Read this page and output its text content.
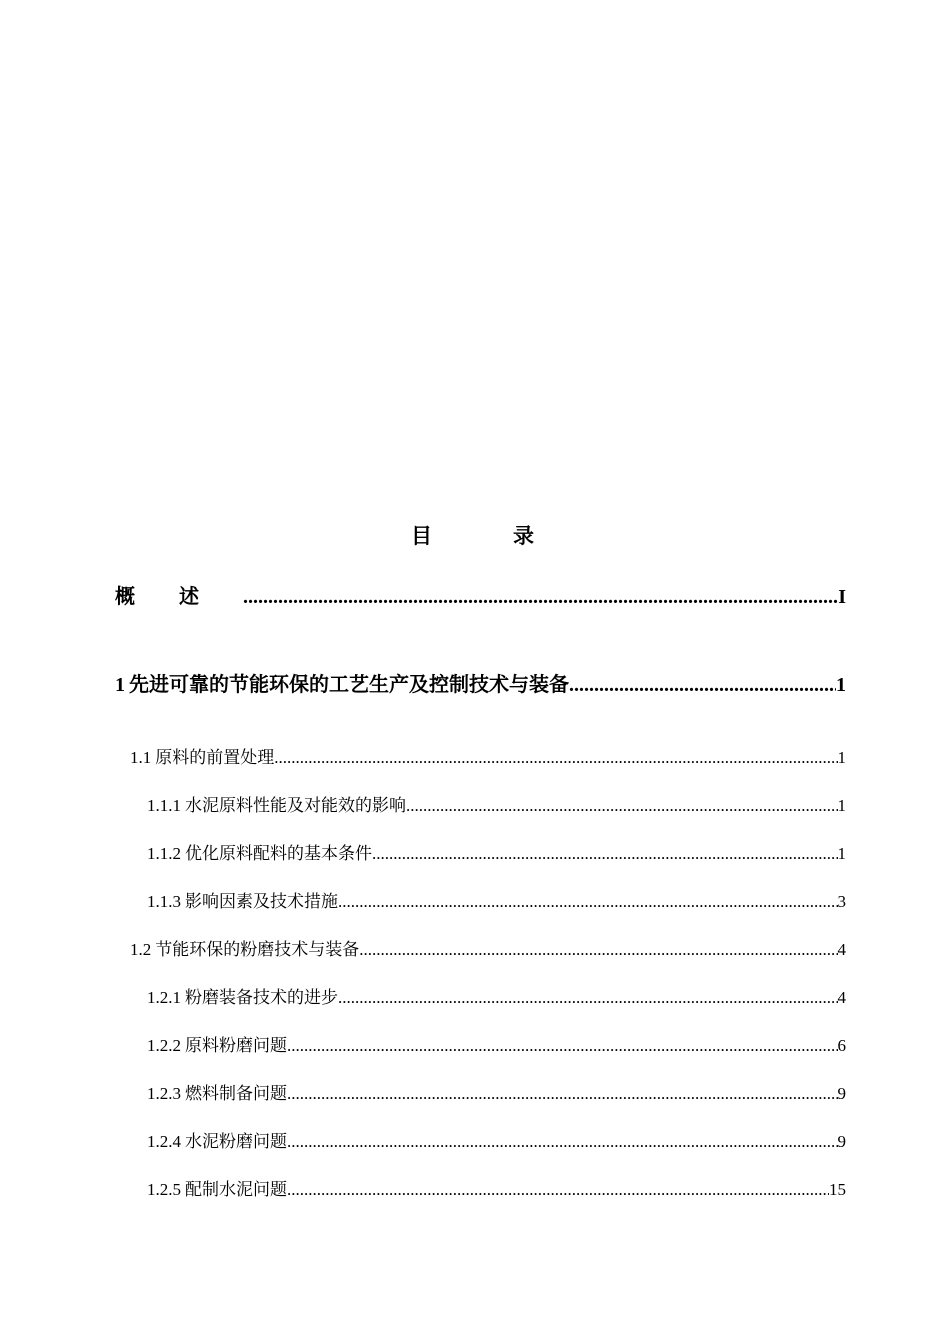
目　录
概述 .....	I
1 先进可靠的节能环保的工艺生产及控制技术与装备 .....	1
1.1 原料的前置处理 .....	1
1.1.1 水泥原料性能及对能效的影响 .....	1
1.1.2 优化原料配料的基本条件 .....	1
1.1.3 影响因素及技术措施 .....	3
1.2 节能环保的粉磨技术与装备 .....	4
1.2.1 粉磨装备技术的进步 .....	4
1.2.2 原料粉磨问题 .....	6
1.2.3 燃料制备问题 .....	9
1.2.4 水泥粉磨问题 .....	9
1.2.5 配制水泥问题 .....	15
